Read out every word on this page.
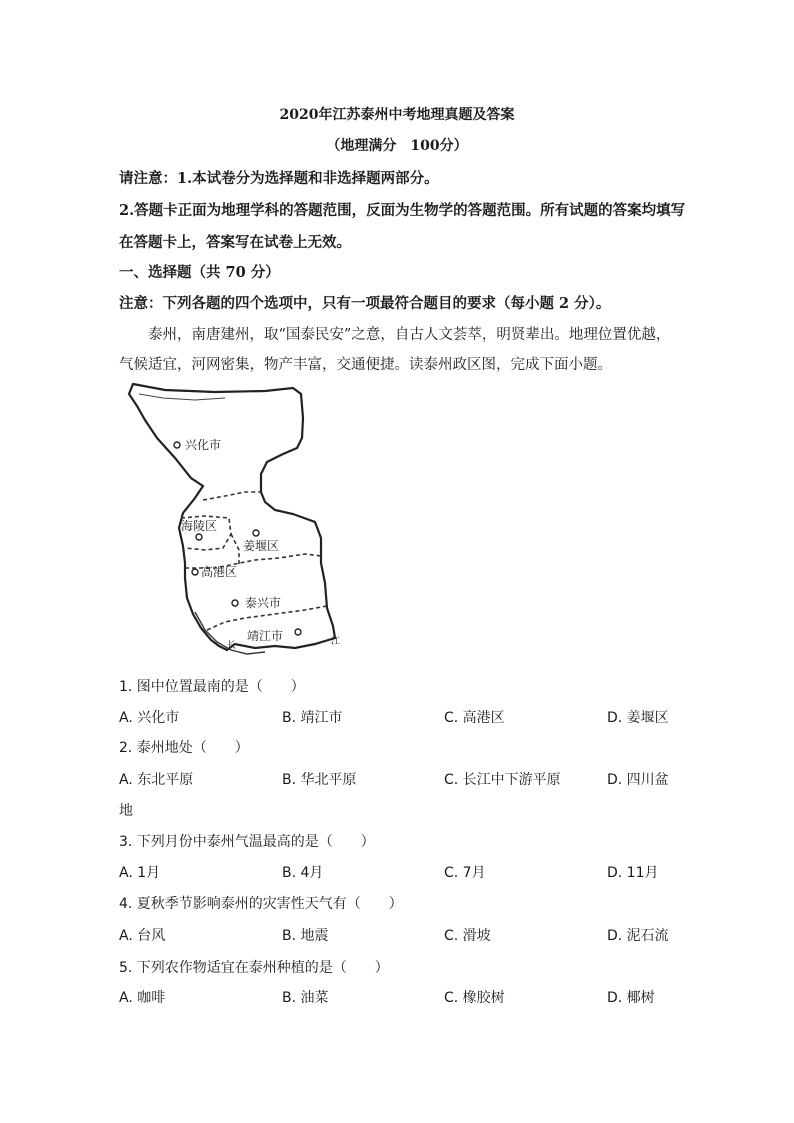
2020年江苏泰州中考地理真题及答案
（地理满分　100分）
请注意：1.本试卷分为选择题和非选择题两部分。
2.答题卡正面为地理学科的答题范围，反面为生物学的答题范围。所有试题的答案均填写
在答题卡上，答案写在试卷上无效。
一、选择题（共 70 分）
注意：下列各题的四个选项中，只有一项最符合题目的要求（每小题 2 分）。
泰州，南唐建州，取“国泰民安”之意，自古人文荟萃，明贤辈出。地理位置优越，
气候适宜，河网密集，物产丰富，交通便捷。读泰州政区图，完成下面小题。
兴化市
海陵区
姜堰区
高港区
泰兴市
靖江市
长	江
1. 图中位置最南的是（　　）
A. 兴化市	B. 靖江市	C. 高港区	D. 姜堰区
2. 泰州地处（　　）
A. 东北平原	B. 华北平原	C. 长江中下游平原	D. 四川盆
地
3. 下列月份中泰州气温最高的是（　　）
A. 1月	B. 4月	C. 7月	D. 11月
4. 夏秋季节影响泰州的灾害性天气有（　　）
A. 台风	B. 地震	C. 滑坡	D. 泥石流
5. 下列农作物适宜在泰州种植的是（　　）
A. 咖啡	B. 油菜	C. 橡胶树	D. 椰树
